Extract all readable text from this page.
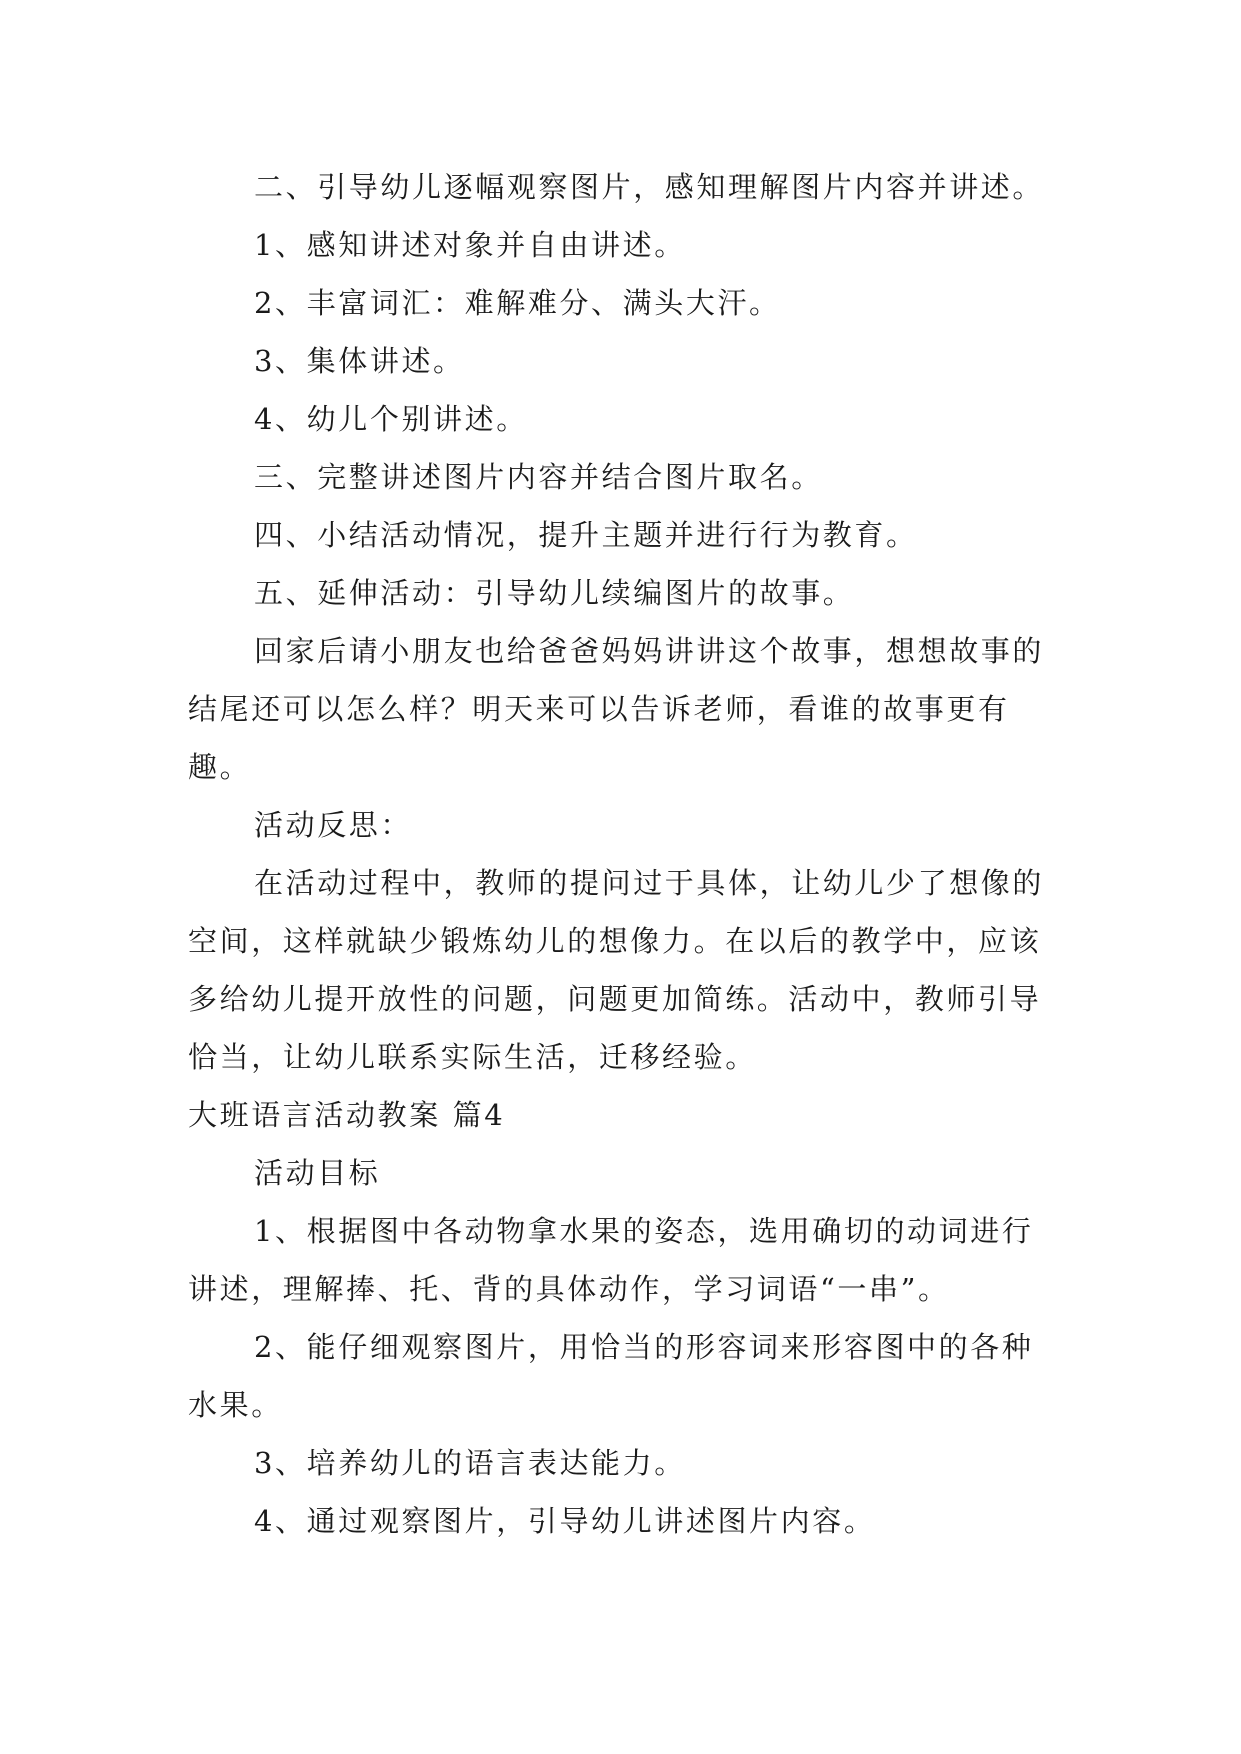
二、引导幼儿逐幅观察图片，感知理解图片内容并讲述。

1、感知讲述对象并自由讲述。

2、丰富词汇：难解难分、满头大汗。

3、集体讲述。

4、幼儿个别讲述。

三、完整讲述图片内容并结合图片取名。

四、小结活动情况，提升主题并进行行为教育。

五、延伸活动：引导幼儿续编图片的故事。

回家后请小朋友也给爸爸妈妈讲讲这个故事，想想故事的结尾还可以怎么样？明天来可以告诉老师，看谁的故事更有趣。

活动反思：

在活动过程中，教师的提问过于具体，让幼儿少了想像的空间，这样就缺少锻炼幼儿的想像力。在以后的教学中，应该多给幼儿提开放性的问题，问题更加简练。活动中，教师引导恰当，让幼儿联系实际生活，迁移经验。

大班语言活动教案 篇4

活动目标

1、根据图中各动物拿水果的姿态，选用确切的动词进行讲述，理解捧、托、背的具体动作，学习词语“一串”。

2、能仔细观察图片，用恰当的形容词来形容图中的各种水果。

3、培养幼儿的语言表达能力。

4、通过观察图片，引导幼儿讲述图片内容。
